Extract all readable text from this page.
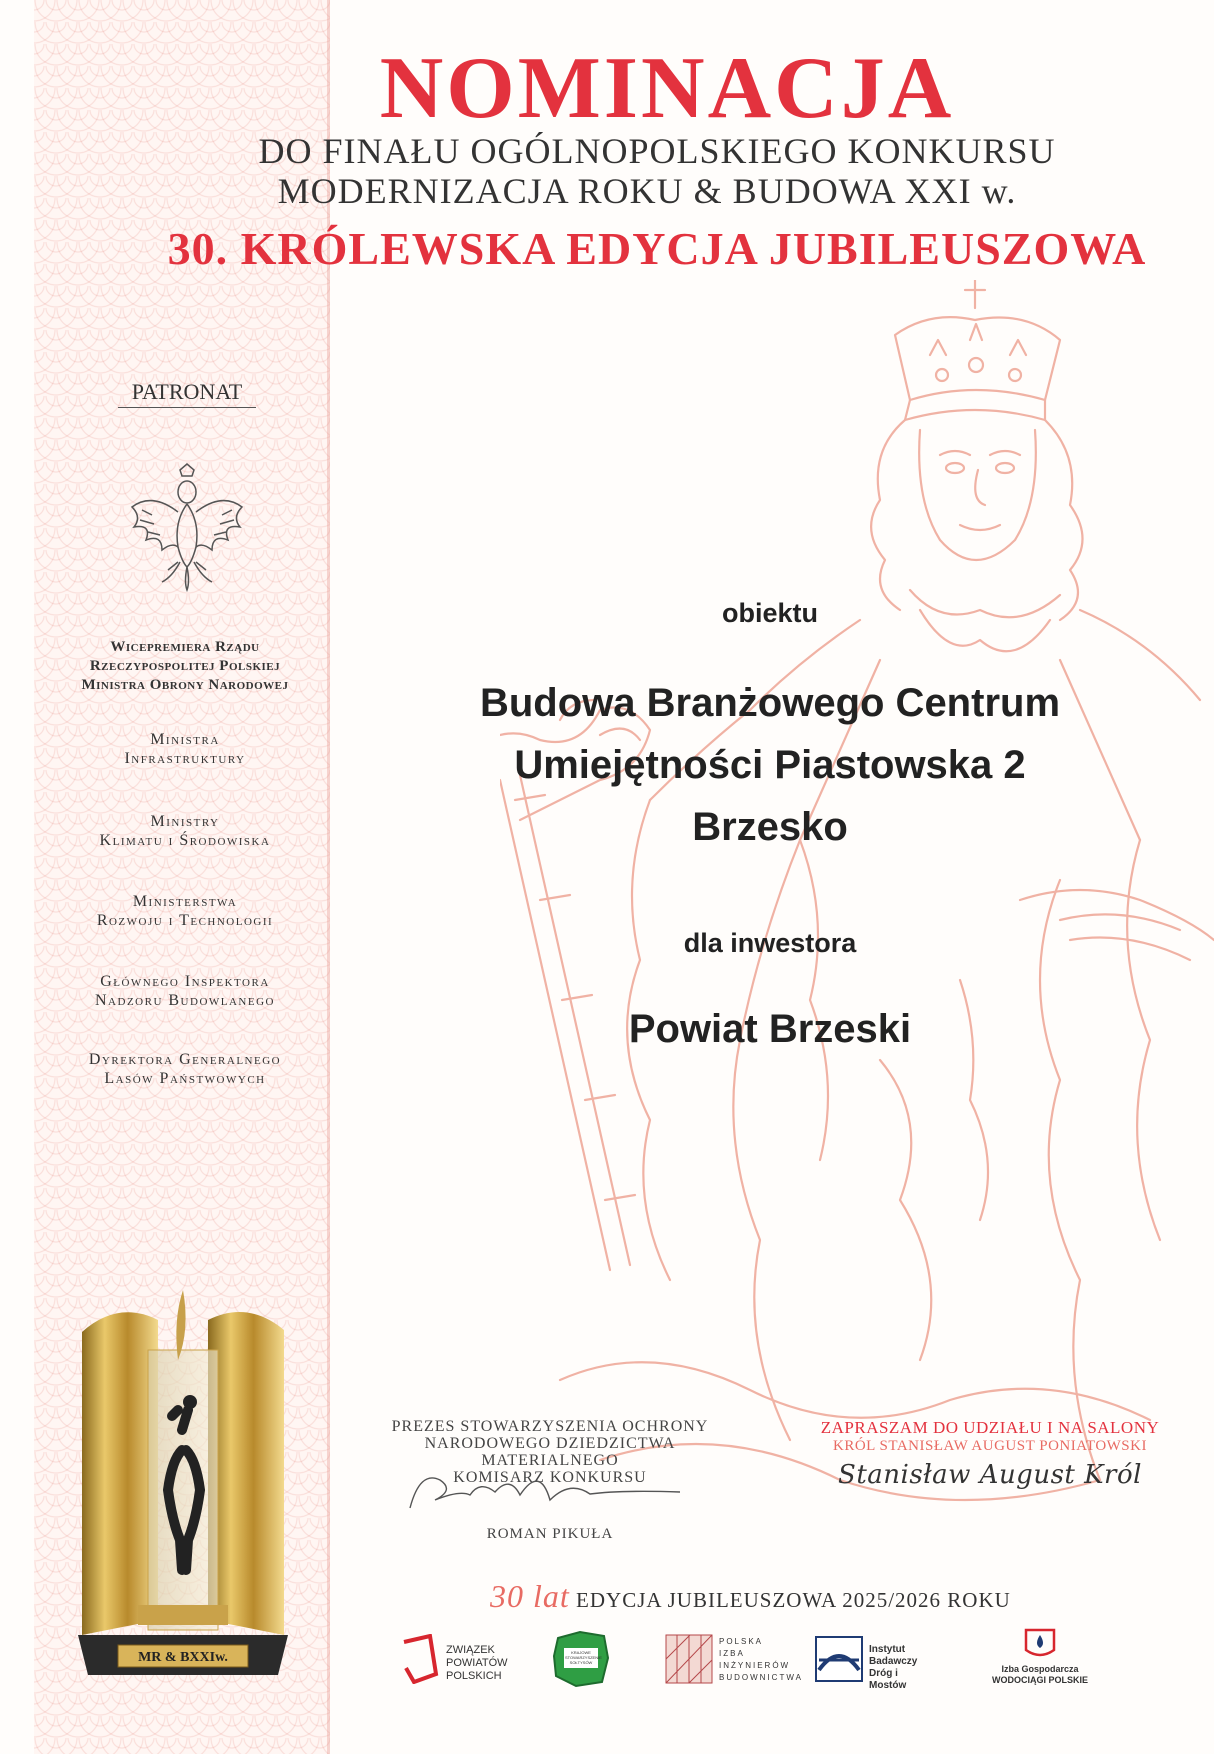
NOMINACJA
DO FINAŁU OGÓLNOPOLSKIEGO KONKURSU
MODERNIZACJA ROKU & BUDOWA XXI w.
30. KRÓLEWSKA EDYCJA JUBILEUSZOWA
PATRONAT
Wicepremiera Rządu
Rzeczypospolitej Polskiej
Ministra Obrony Narodowej
Ministra
Infrastruktury
Ministry
Klimatu i Środowiska
Ministerstwa
Rozwoju i Technologii
Głównego Inspektora
Nadzoru Budowlanego
Dyrektora Generalnego
Lasów Państwowych
obiektu
Budowa Branżowego Centrum
Umiejętności Piastowska 2
Brzesko
dla inwestora
Powiat Brzeski
MR & BXXIw.
PREZES STOWARZYSZENIA OCHRONY
NARODOWEGO DZIEDZICTWA MATERIALNEGO
KOMISARZ KONKURSU
ROMAN PIKUŁA
ZAPRASZAM DO UDZIAŁU I NA SALONY
KRÓL STANISŁAW AUGUST PONIATOWSKI
Stanisław August Król
30 lat EDYCJA JUBILEUSZOWA 2025/2026 ROKU
ZWIĄZEK
POWIATÓW
POLSKICH
KRAJOWE STOWARZYSZENIE
SOŁTYSÓW
POLSKA
IZBA
INŻYNIERÓW
BUDOWNICTWA
Instytut
Badawczy
Dróg i Mostów
Izba Gospodarcza
WODOCIĄGI POLSKIE
